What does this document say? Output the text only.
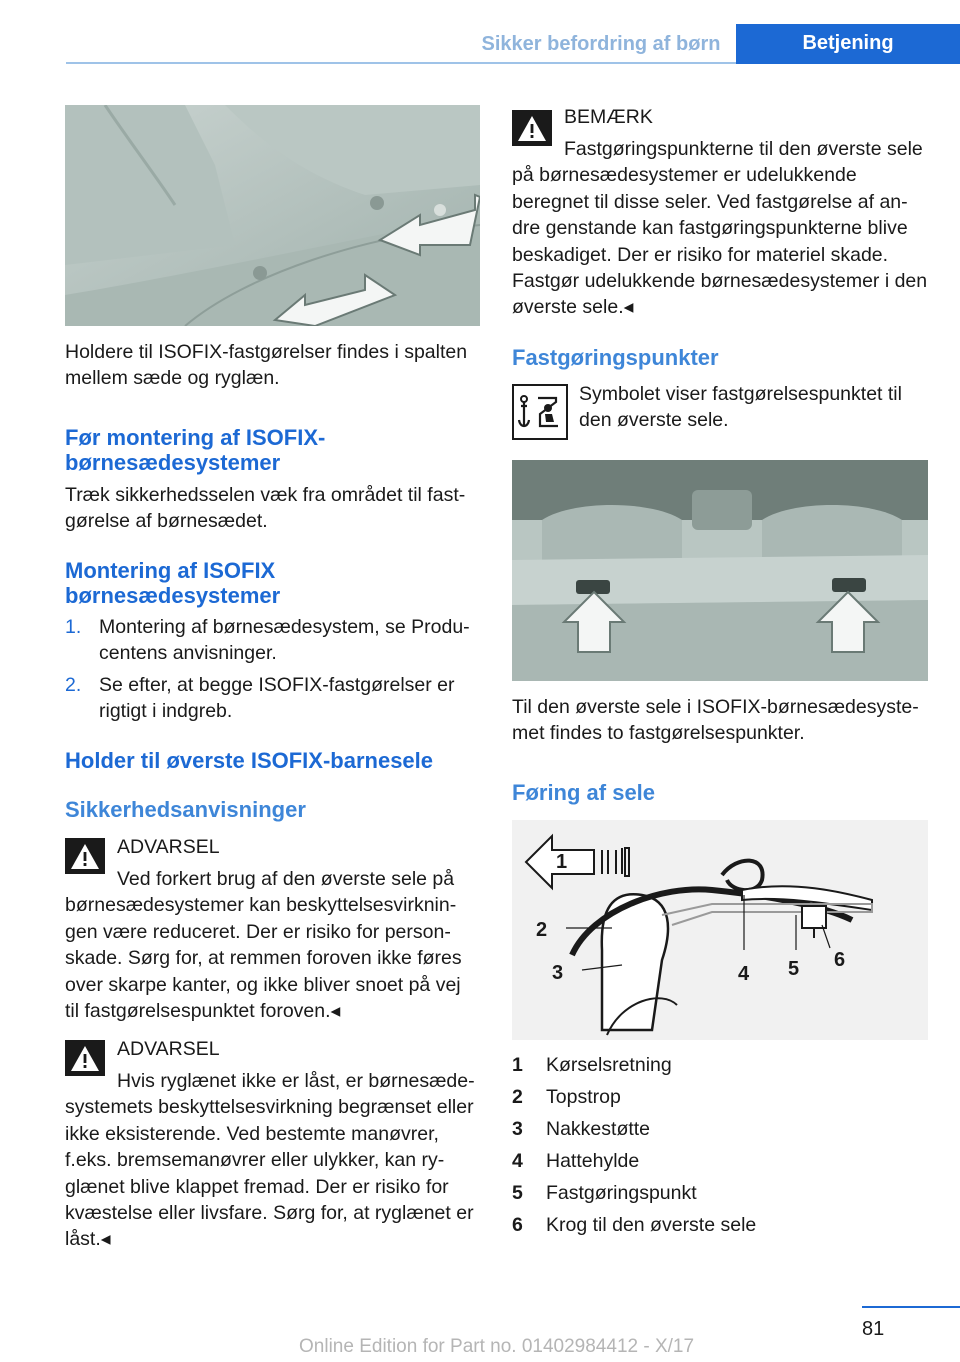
Sikker befordring af børn	Betjening
Holdere til ISOFIX-fastgørelser findes i spalten mellem sæde og ryglæn.
Før montering af ISOFIX-børnesædesystemer
Træk sikkerhedsselen væk fra området til fastgørelse af børnesædet.
Montering af ISOFIX børnesædesystemer
1. Montering af børnesædesystem, se Producentens anvisninger.
2. Se efter, at begge ISOFIX-fastgørelser er rigtigt i indgreb.
Holder til øverste ISOFIX-barnesele
Sikkerhedsanvisninger
ADVARSEL
Ved forkert brug af den øverste sele på børnesædesystemer kan beskyttelsesvirkningen være reduceret. Der er risiko for personskade. Sørg for, at remmen foroven ikke føres over skarpe kanter, og ikke bliver snoet på vej til fastgørelsespunktet foroven.◂
ADVARSEL
Hvis ryglænet ikke er låst, er børnesædesystemets beskyttelsesvirkning begrænset eller ikke eksisterende. Ved bestemte manøvrer, f.eks. bremsemanøvrer eller ulykker, kan ryglænet blive klappet fremad. Der er risiko for kvæstelse eller livsfare. Sørg for, at ryglænet er låst.◂
BEMÆRK
Fastgøringspunkterne til den øverste sele på børnesædesystemer er udelukkende beregnet til disse seler. Ved fastgørelse af andre genstande kan fastgøringspunkterne blive beskadiget. Der er risiko for materiel skade. Fastgør udelukkende børnesædesystemer i den øverste sele.◂
Fastgøringspunkter
Symbolet viser fastgørelsespunktet til den øverste sele.
Til den øverste sele i ISOFIX-børnesædesystemet findes to fastgørelsespunkter.
Føring af sele
1
2
3	4 5 6
1 Kørselsretning
2 Topstrop
3 Nakkestøtte
4 Hattehylde
5 Fastgøringspunkt
6 Krog til den øverste sele
81
Online Edition for Part no. 01402984412 - X/17
